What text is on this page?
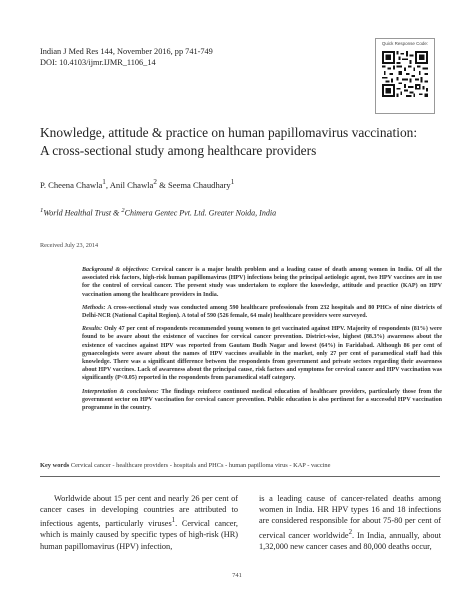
Indian J Med Res 144, November 2016, pp 741-749
DOI: 10.4103/ijmr.IJMR_1106_14
Quick Response Code:
Knowledge, attitude & practice on human papillomavirus vaccination:
A cross-sectional study among healthcare providers
P. Cheena Chawla$^1$, Anil Chawla$^2$ & Seema Chaudhary$^1$
$^1$World Healthal Trust & $^2$Chimera Gentec Pvt. Ltd. Greater Noida, India
Received July 23, 2014

Background & objectives: Cervical cancer is a major health problem and a leading cause of death among women in India. Of all the associated risk factors, high-risk human papillomavirus (HPV) infections being the principal aetiologic agent, two HPV vaccines are in use for the control of cervical cancer. The present study was undertaken to explore the knowledge, attitude and practice (KAP) on HPV vaccination among the healthcare providers in India.

Methods: A cross-sectional study was conducted among 590 healthcare professionals from 232 hospitals and 80 PHCs of nine districts of Delhi-NCR (National Capital Region). A total of 590 (526 female, 64 male) healthcare providers were surveyed.

Results: Only 47 per cent of respondents recommended young women to get vaccinated against HPV. Majority of respondents (81%) were found to be aware about the existence of vaccines for cervical cancer prevention. District-wise, highest (88.3%) awareness about the existence of vaccines against HPV was reported from Gautam Budh Nagar and lowest (64%) in Faridabad. Although 86 per cent of gynaecologists were aware about the names of HPV vaccines available in the market, only 27 per cent of paramedical staff had this knowledge. There was a significant difference between the respondents from government and private sectors regarding their awareness about HPV vaccines. Lack of awareness about the principal cause, risk factors and symptoms for cervical cancer and HPV vaccination was significantly (P<0.05) reported in the respondents from paramedical staff category.

Interpretation & conclusions: The findings reinforce continued medical education of healthcare providers, particularly those from the government sector on HPV vaccination for cervical cancer prevention. Public education is also pertinent for a successful HPV vaccination programme in the country.

Key words Cervical cancer - healthcare providers - hospitals and PHCs - human papilloma virus - KAP - vaccine
Worldwide about 15 per cent and nearly 26 per cent of cancer cases in developing countries are attributed to infectious agents, particularly viruses$^1$. Cervical cancer, which is mainly caused by specific types of high-risk (HR) human papillomavirus (HPV) infection,
is a leading cause of cancer-related deaths among women in India. HR HPV types 16 and 18 infections are considered responsible for about 75-80 per cent of cervical cancer worldwide$^2$. In India, annually, about 1,32,000 new cancer cases and 80,000 deaths occur,
741
